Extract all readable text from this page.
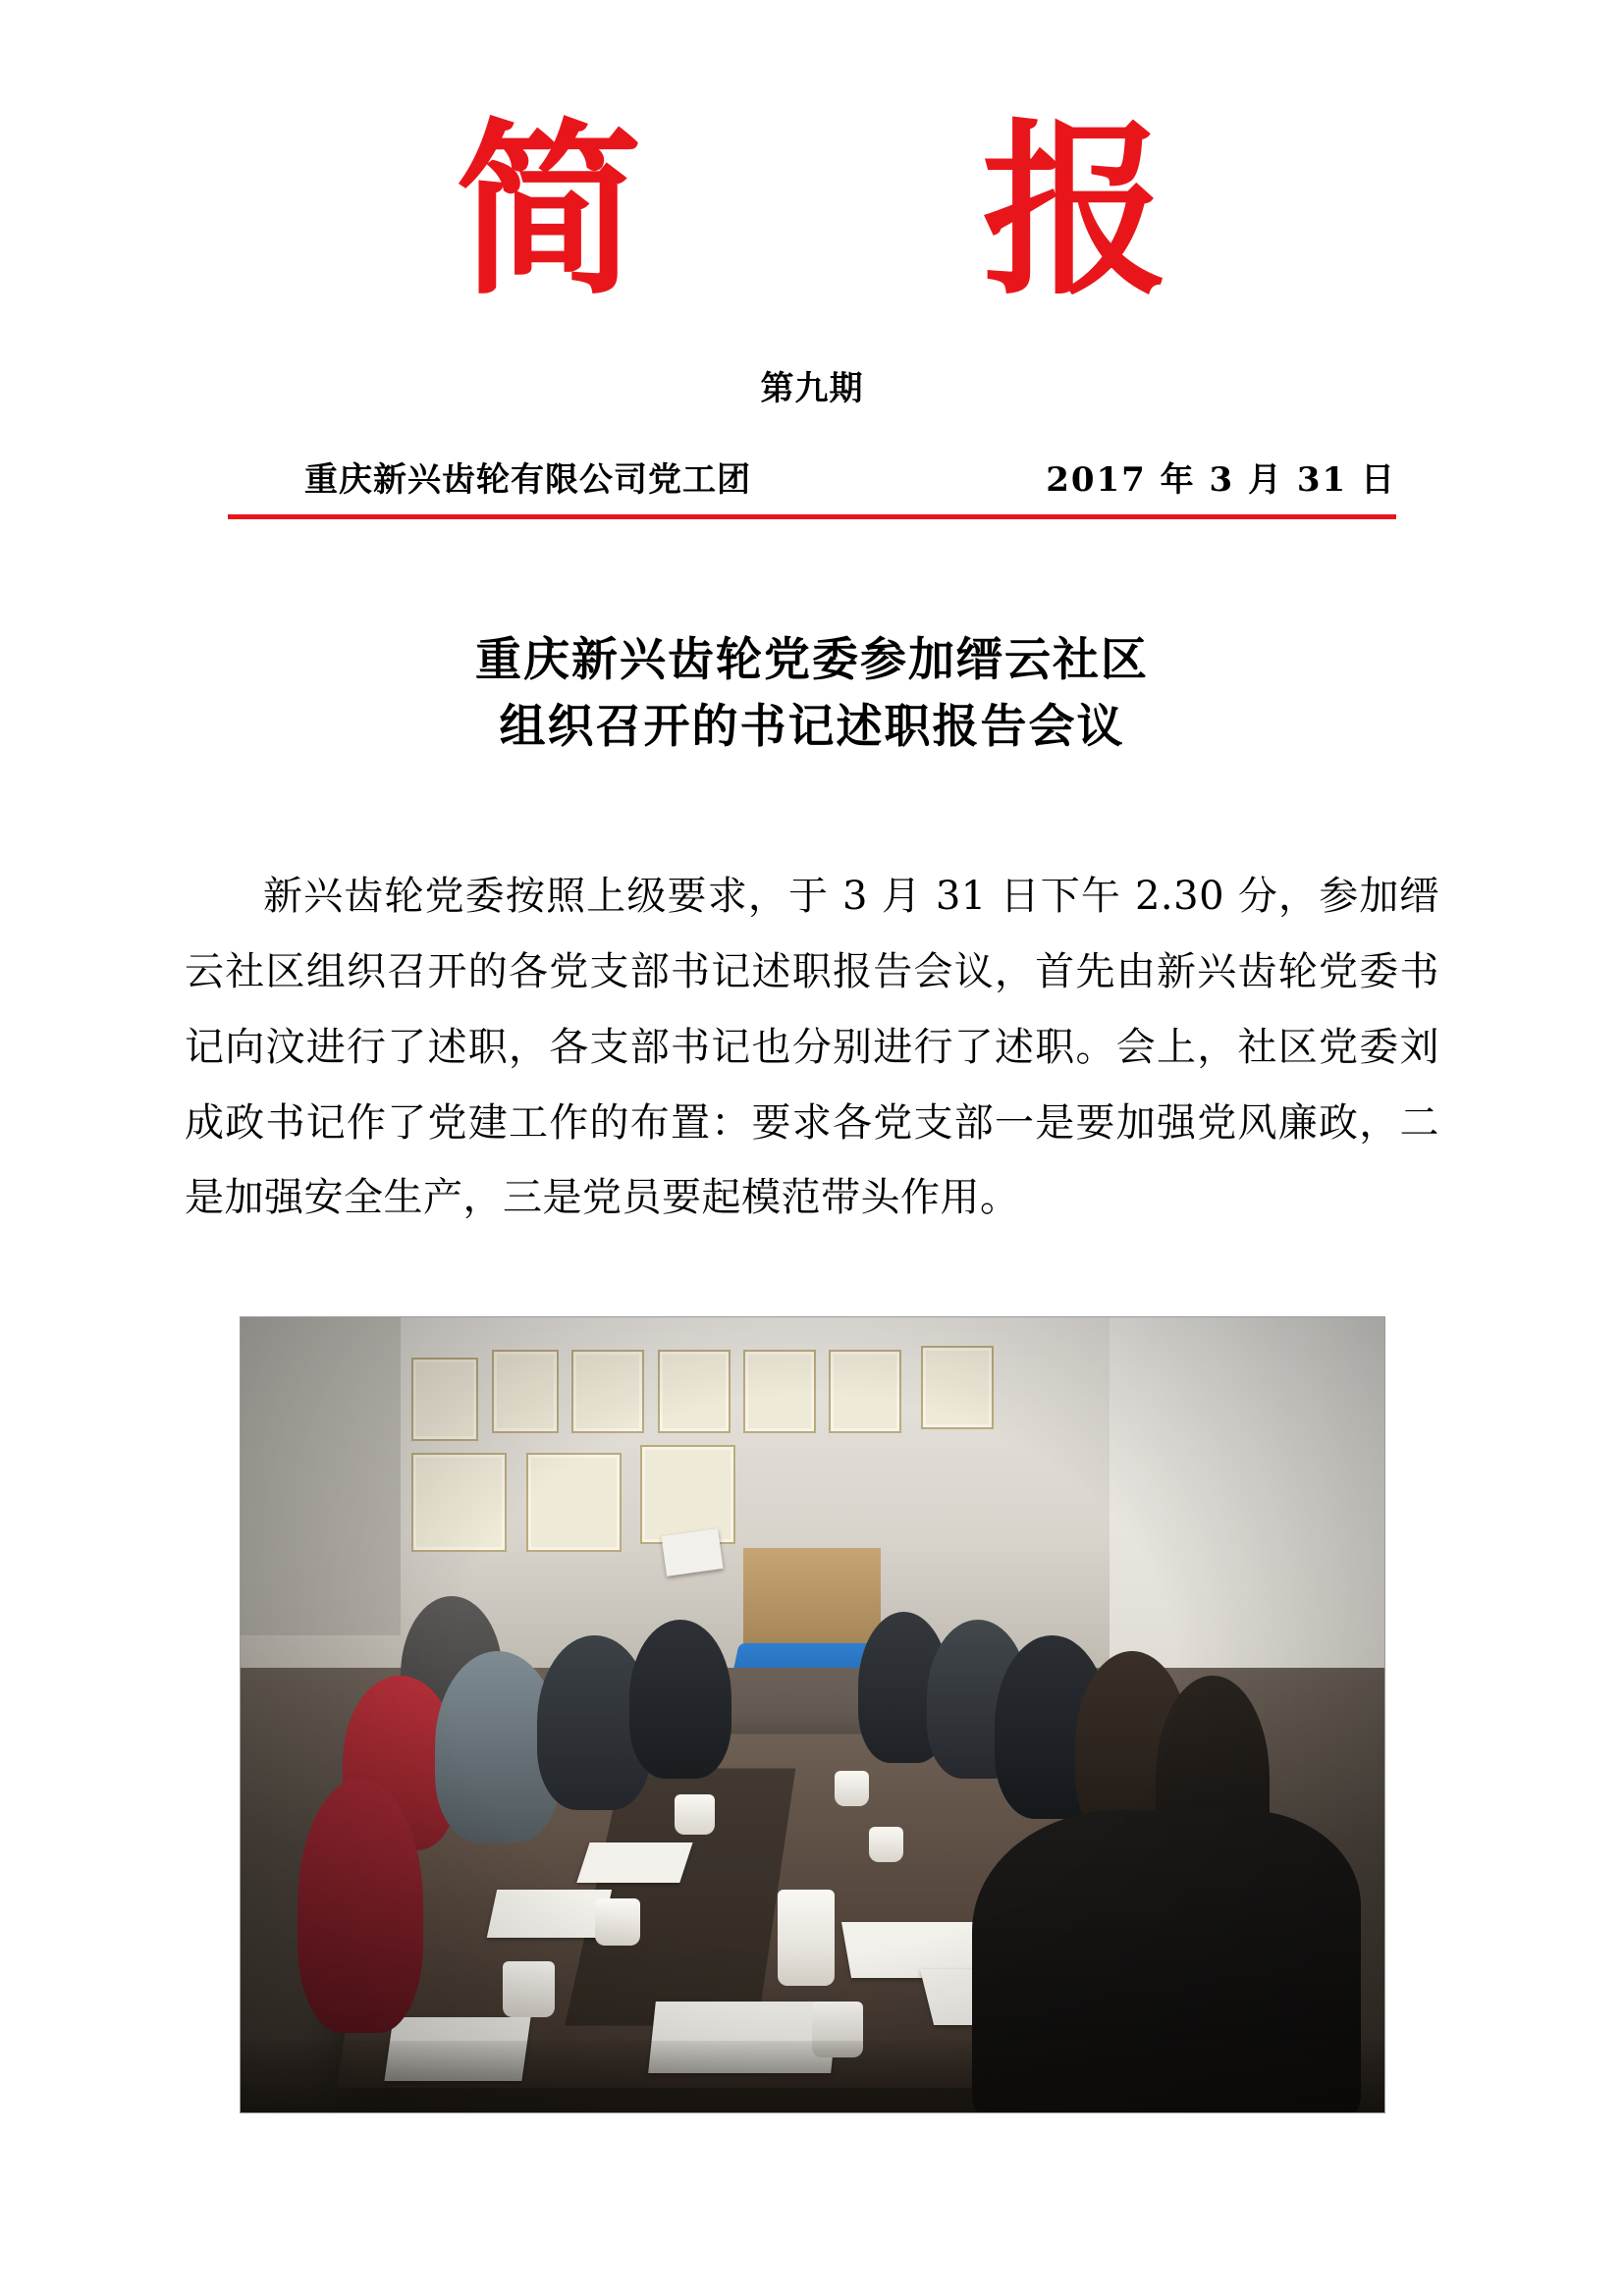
简 报
第九期
重庆新兴齿轮有限公司党工团	2017 年 3 月 31 日
重庆新兴齿轮党委参加缙云社区
组织召开的书记述职报告会议
新兴齿轮党委按照上级要求，于 3 月 31 日下午 2.30 分，参加缙云社区组织召开的各党支部书记述职报告会议，首先由新兴齿轮党委书记向汶进行了述职，各支部书记也分别进行了述职。会上，社区党委刘成政书记作了党建工作的布置：要求各党支部一是要加强党风廉政，二是加强安全生产，三是党员要起模范带头作用。
